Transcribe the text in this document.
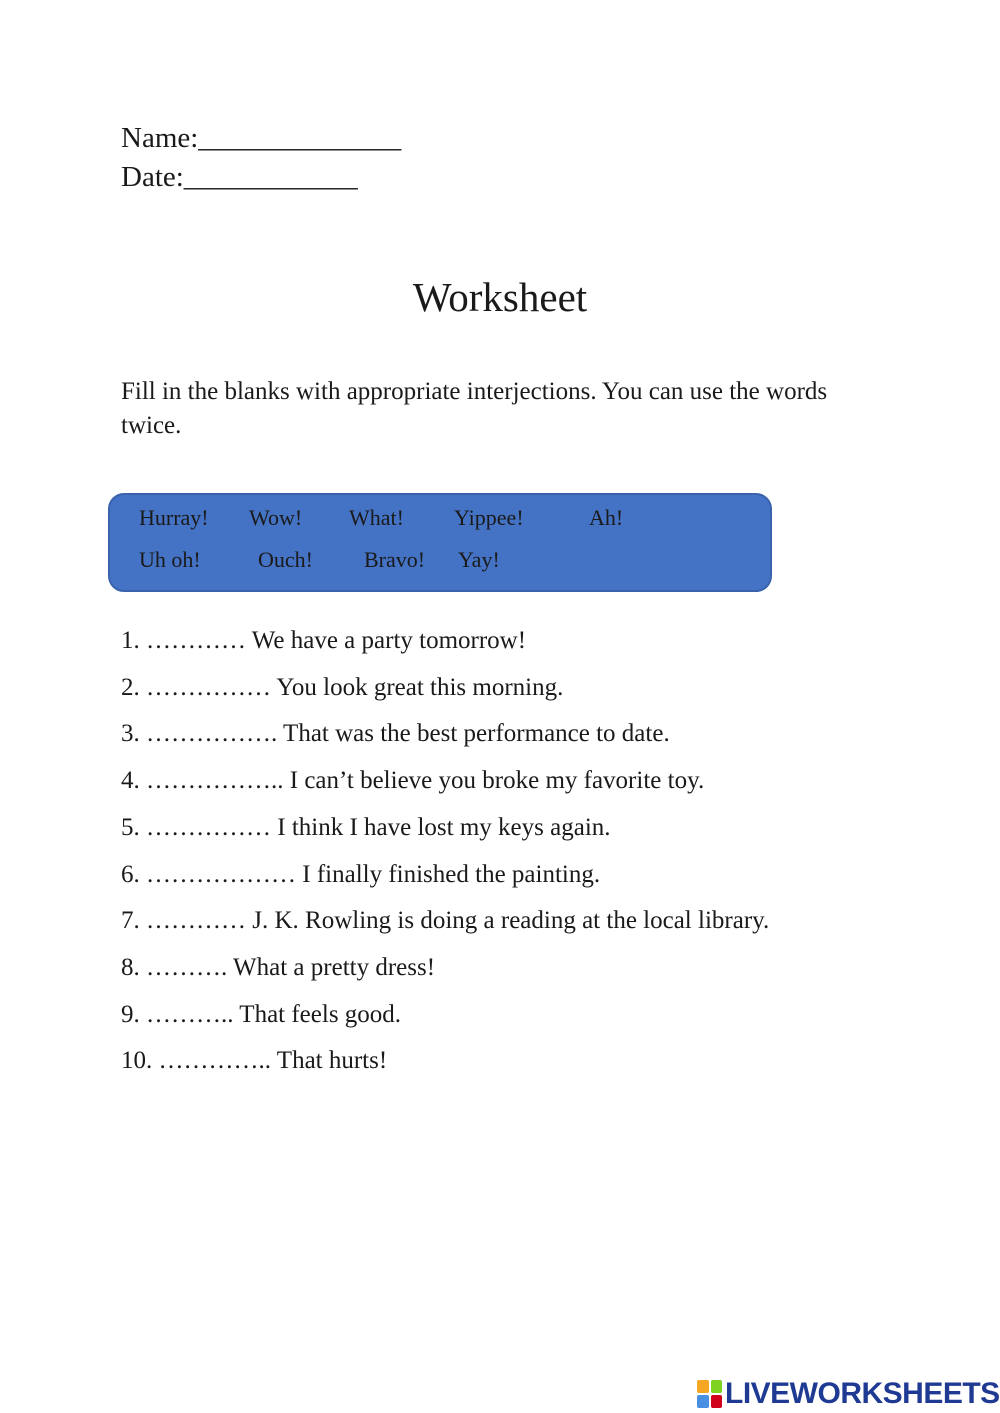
Name:______________
Date:____________
Worksheet
Fill in the blanks with appropriate interjections. You can use the words twice.
Hurray! Wow! What! Yippee!	Ah!
Uh oh!	Ouch! Bravo! Yay!
1. ………… We have a party tomorrow!
2. …………… You look great this morning.
3. ……………. That was the best performance to date.
4. …………….. I can’t believe you broke my favorite toy.
5. …………… I think I have lost my keys again.
6. ……………… I finally finished the painting.
7. ………… J. K. Rowling is doing a reading at the local library.
8. ………. What a pretty dress!
9. ……….. That feels good.
10. ………….. That hurts!
LIVEWORKSHEETS
